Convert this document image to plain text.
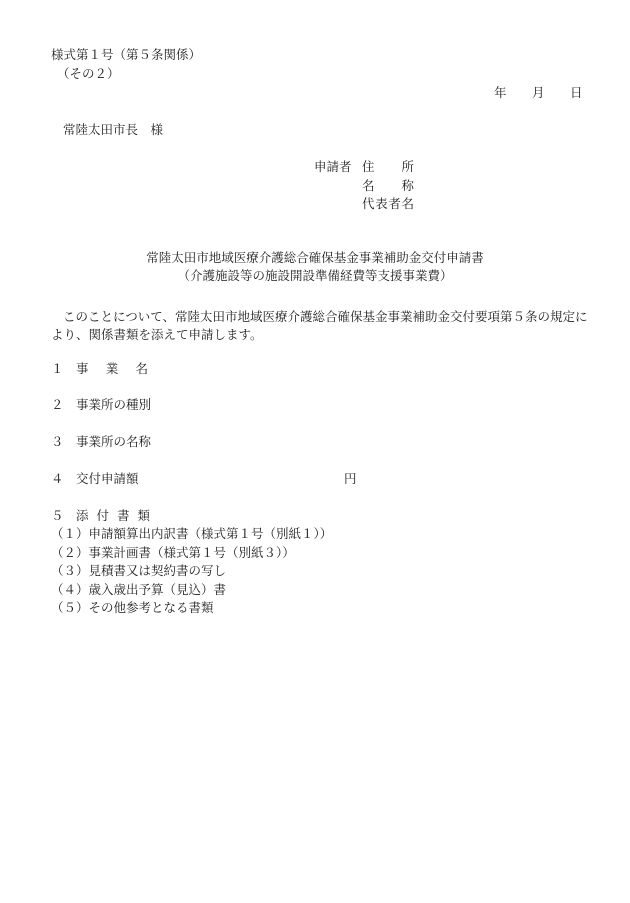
様式第１号（第５条関係）
（その２）
年 月 日
常陸太田市長　様
申請者 住所
名称
代表者名
常陸太田市地域医療介護総合確保基金事業補助金交付申請書
（介護施設等の施設開設準備経費等支援事業費）
このことについて、常陸太田市地域医療介護総合確保基金事業補助金交付要項第５条の規定により、関係書類を添えて申請します。
１ 事業名
２ 事業所の種別
３ 事業所の名称
４ 交付申請額	円
５ 添付書類
（１）申請額算出内訳書（様式第１号（別紙１））
（２）事業計画書（様式第１号（別紙３））
（３）見積書又は契約書の写し
（４）歳入歳出予算（見込）書
（５）その他参考となる書類
